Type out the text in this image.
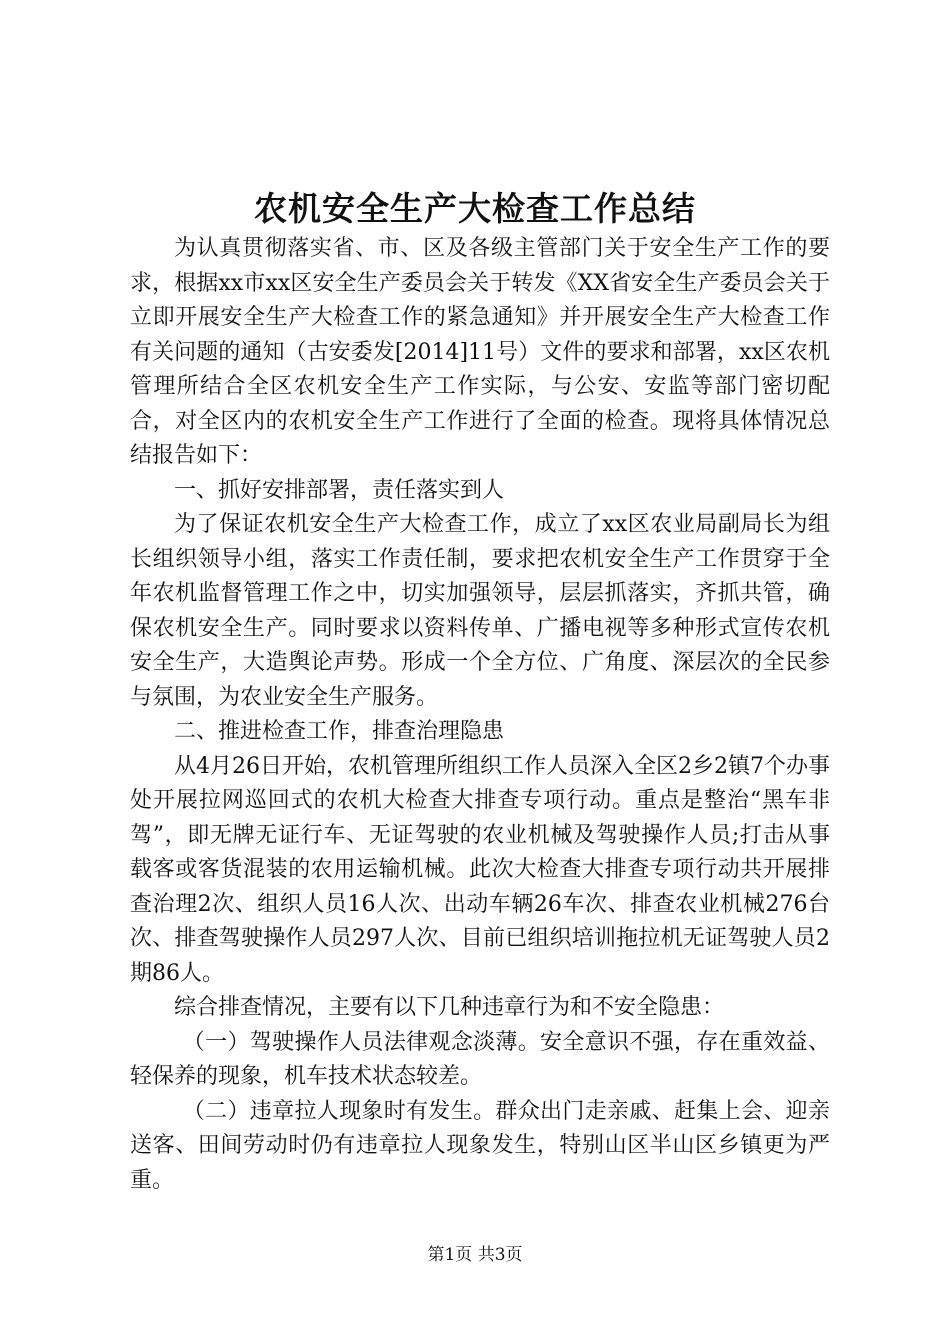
农机安全生产大检查工作总结

为认真贯彻落实省、市、区及各级主管部门关于安全生产工作的要求，根据xx市xx区安全生产委员会关于转发《XX省安全生产委员会关于立即开展安全生产大检查工作的紧急通知》并开展安全生产大检查工作有关问题的通知（古安委发[2014]11号）文件的要求和部署，xx区农机管理所结合全区农机安全生产工作实际，与公安、安监等部门密切配合，对全区内的农机安全生产工作进行了全面的检查。现将具体情况总结报告如下：

一、抓好安排部署，责任落实到人

为了保证农机安全生产大检查工作，成立了xx区农业局副局长为组长组织领导小组，落实工作责任制，要求把农机安全生产工作贯穿于全年农机监督管理工作之中，切实加强领导，层层抓落实，齐抓共管，确保农机安全生产。同时要求以资料传单、广播电视等多种形式宣传农机安全生产，大造舆论声势。形成一个全方位、广角度、深层次的全民参与氛围，为农业安全生产服务。

二、推进检查工作，排查治理隐患

从4月26日开始，农机管理所组织工作人员深入全区2乡2镇7个办事处开展拉网巡回式的农机大检查大排查专项行动。重点是整治“黑车非驾”，即无牌无证行车、无证驾驶的农业机械及驾驶操作人员;打击从事载客或客货混装的农用运输机械。此次大检查大排查专项行动共开展排查治理2次、组织人员16人次、出动车辆26车次、排查农业机械276台次、排查驾驶操作人员297人次、目前已组织培训拖拉机无证驾驶人员2期86人。

综合排查情况，主要有以下几种违章行为和不安全隐患：

（一）驾驶操作人员法律观念淡薄。安全意识不强，存在重效益、轻保养的现象，机车技术状态较差。

（二）违章拉人现象时有发生。群众出门走亲戚、赶集上会、迎亲送客、田间劳动时仍有违章拉人现象发生，特别山区半山区乡镇更为严重。

第1页 共3页
